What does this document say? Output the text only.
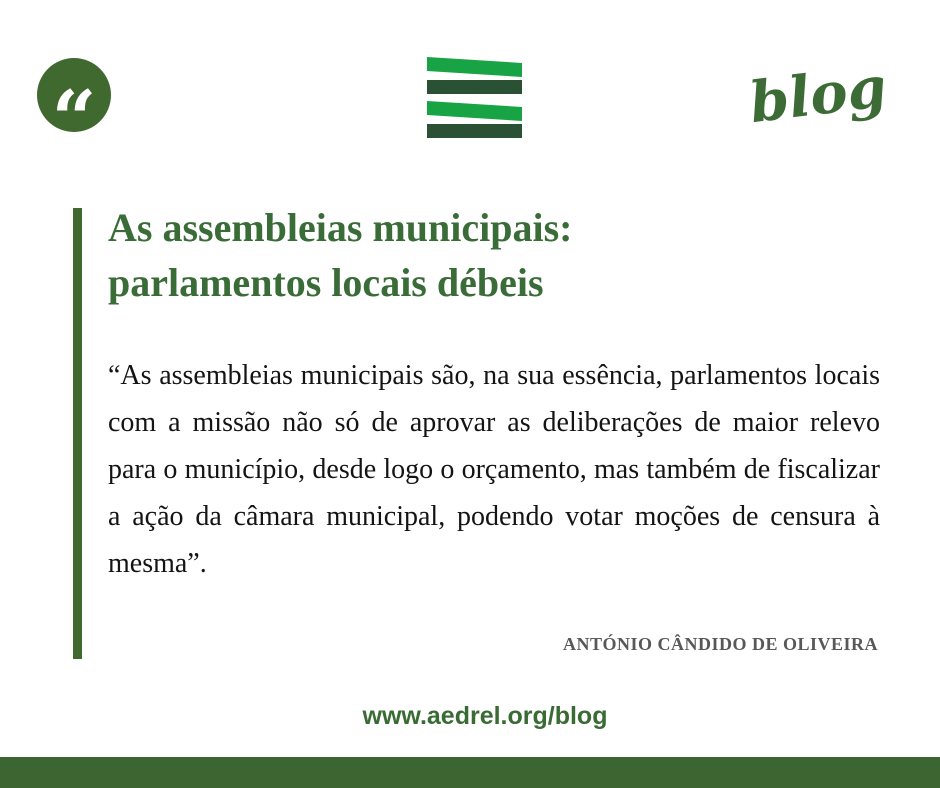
“	blog
As assembleias municipais:
parlamentos locais débeis

“As assembleias municipais são, na sua essência, parlamentos locais com a missão não só de aprovar as deliberações de maior relevo para o município, desde logo o orçamento, mas também de fiscalizar a ação da câmara municipal, podendo votar moções de censura à mesma”.

ANTÓNIO CÂNDIDO DE OLIVEIRA
www.aedrel.org/blog
